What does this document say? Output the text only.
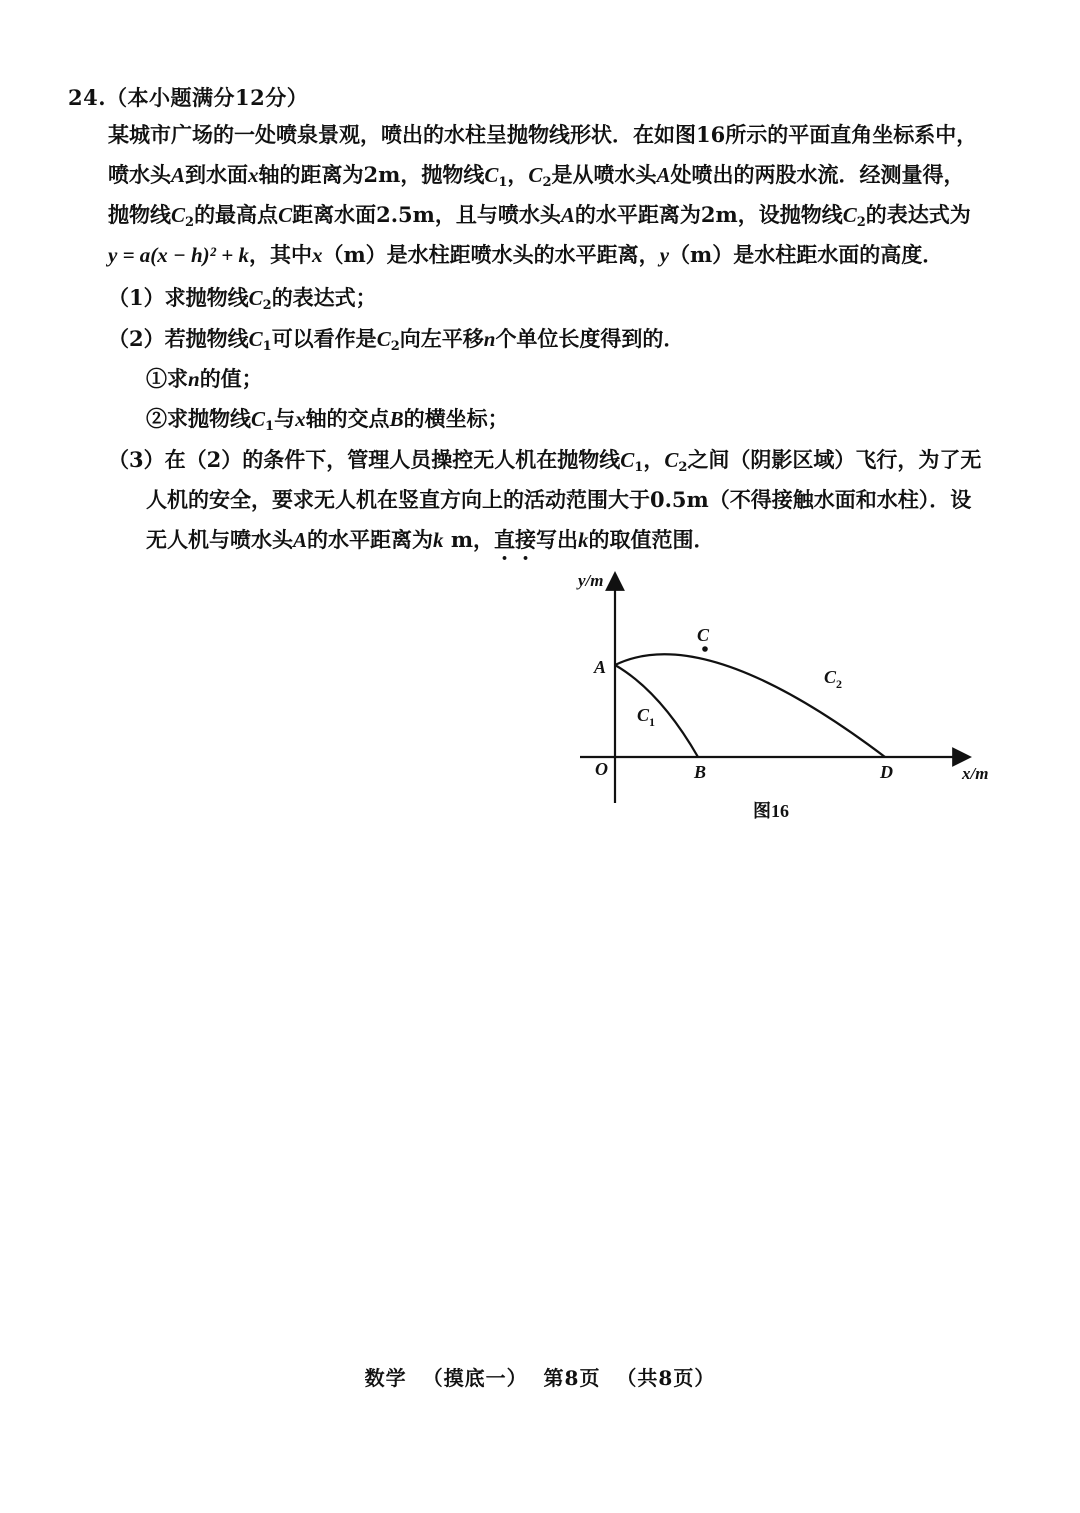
24.（本小题满分12分）
某城市广场的一处喷泉景观，喷出的水柱呈抛物线形状．在如图16所示的平面直角坐标系中，
喷水头A到水面x轴的距离为2m，抛物线$C_1$，$C_2$是从喷水头A处喷出的两股水流．经测量得，
抛物线$C_2$的最高点C距离水面2.5m，且与喷水头A的水平距离为2m，设抛物线$C_2$的表达式为
y = a(x − h)² + k，其中x（m）是水柱距喷水头的水平距离，y（m）是水柱距水面的高度．
（1）求抛物线$C_2$的表达式；
（2）若抛物线$C_1$可以看作是$C_2$向左平移n个单位长度得到的．
①求n的值；
②求抛物线$C_1$与x轴的交点B的横坐标；
（3）在（2）的条件下，管理人员操控无人机在抛物线$C_1$，$C_2$之间（阴影区域）飞行，为了无
人机的安全，要求无人机在竖直方向上的活动范围大于0.5m（不得接触水面和水柱）．设
无人机与喷水头A的水平距离为k m，直接写出k的取值范围．
y/m
x/m
O
A
B
C
D
$C_1$
$C_2$
图16
数学 （摸底一） 第8页 （共8页）
